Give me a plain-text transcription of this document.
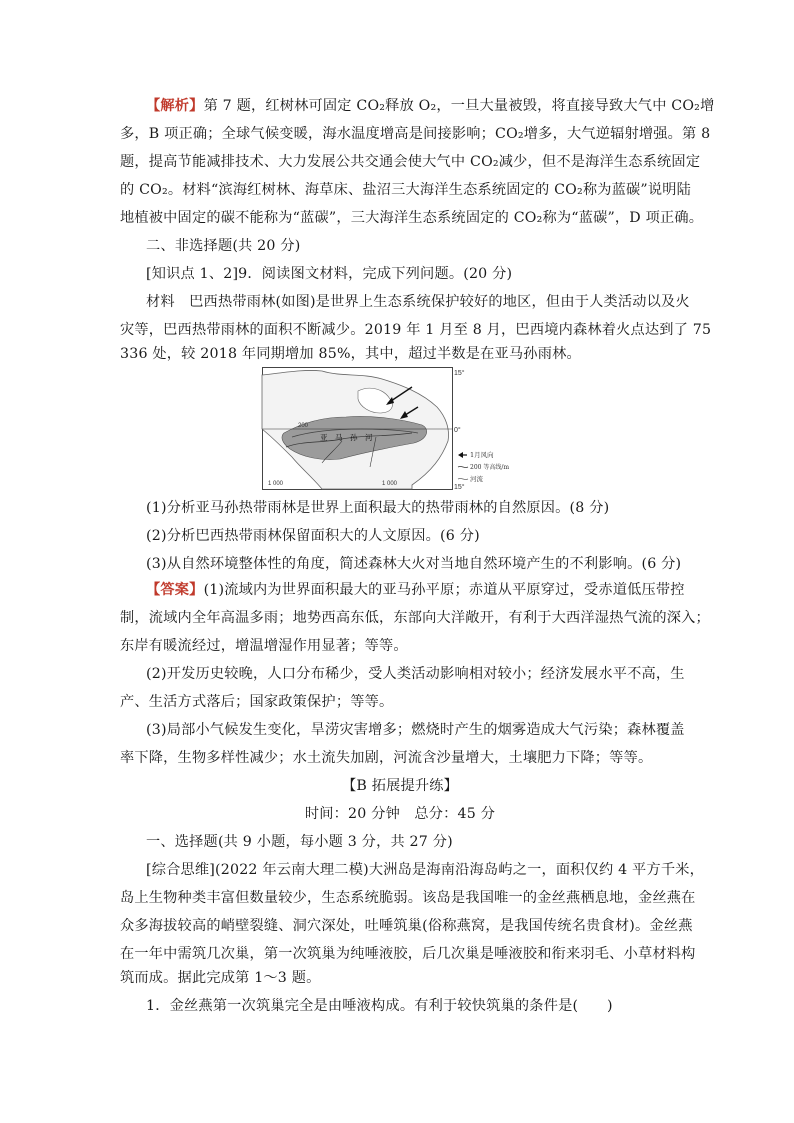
【解析】第 7 题，红树林可固定 CO₂释放 O₂，一旦大量被毁，将直接导致大气中 CO₂增
多，B 项正确；全球气候变暖，海水温度增高是间接影响；CO₂增多，大气逆辐射增强。第 8
题，提高节能减排技术、大力发展公共交通会使大气中 CO₂减少，但不是海洋生态系统固定
的 CO₂。材料“滨海红树林、海草床、盐沼三大海洋生态系统固定的 CO₂称为蓝碳”说明陆
地植被中固定的碳不能称为“蓝碳”，三大海洋生态系统固定的 CO₂称为“蓝碳”，D 项正确。
二、非选择题(共 20 分)
[知识点 1、2]9．阅读图文材料，完成下列问题。(20 分)
材料　巴西热带雨林(如图)是世界上生态系统保护较好的地区，但由于人类活动以及火
灾等，巴西热带雨林的面积不断减少。2019 年 1 月至 8 月，巴西境内森林着火点达到了 75
336 处，较 2018 年同期增加 85%，其中，超过半数是在亚马孙雨林。
15°
0°
15°
亚　马　孙　河
200
1 000	1 000
1月风向
200 等高线/m
河流
(1)分析亚马孙热带雨林是世界上面积最大的热带雨林的自然原因。(8 分)
(2)分析巴西热带雨林保留面积大的人文原因。(6 分)
(3)从自然环境整体性的角度，简述森林大火对当地自然环境产生的不利影响。(6 分)
【答案】(1)流域内为世界面积最大的亚马孙平原；赤道从平原穿过，受赤道低压带控
制，流域内全年高温多雨；地势西高东低，东部向大洋敞开，有利于大西洋湿热气流的深入；
东岸有暖流经过，增温增湿作用显著；等等。
(2)开发历史较晚，人口分布稀少，受人类活动影响相对较小；经济发展水平不高，生
产、生活方式落后；国家政策保护；等等。
(3)局部小气候发生变化，旱涝灾害增多；燃烧时产生的烟雾造成大气污染；森林覆盖
率下降，生物多样性减少；水土流失加剧，河流含沙量增大，土壤肥力下降；等等。
【B 拓展提升练】
时间：20 分钟　总分：45 分
一、选择题(共 9 小题，每小题 3 分，共 27 分)
[综合思维](2022 年云南大理二模)大洲岛是海南沿海岛屿之一，面积仅约 4 平方千米，
岛上生物种类丰富但数量较少，生态系统脆弱。该岛是我国唯一的金丝燕栖息地，金丝燕在
众多海拔较高的峭壁裂缝、洞穴深处，吐唾筑巢(俗称燕窝，是我国传统名贵食材)。金丝燕
在一年中需筑几次巢，第一次筑巢为纯唾液胶，后几次巢是唾液胶和衔来羽毛、小草材料构
筑而成。据此完成第 1～3 题。
1．金丝燕第一次筑巢完全是由唾液构成。有利于较快筑巢的条件是(　　)
